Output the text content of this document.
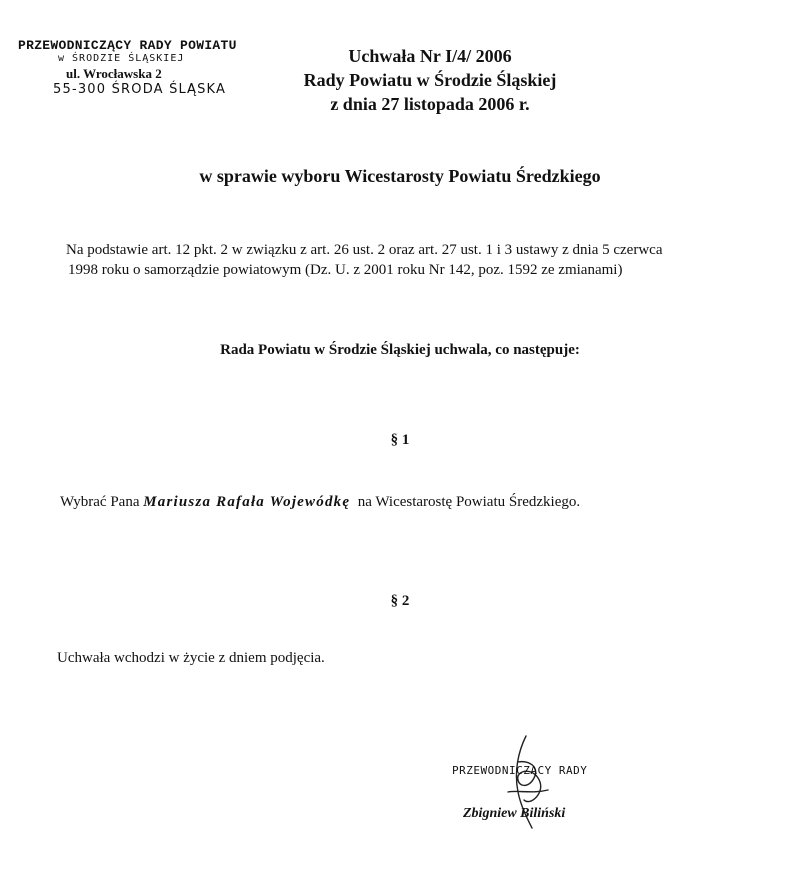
PRZEWODNICZĄCY RADY POWIATU
w ŚRODZIE ŚLĄSKIEJ
ul. Wrocławska 2
55-300 ŚRODA ŚLĄSKA
Uchwała Nr I/4/ 2006
Rady Powiatu w Środzie Śląskiej
z dnia 27 listopada 2006 r.
w sprawie wyboru Wicestarosty Powiatu Średzkiego
Na podstawie art. 12 pkt. 2 w związku z art. 26 ust. 2 oraz art. 27 ust. 1 i 3 ustawy z dnia 5 czerwca
1998 roku o samorządzie powiatowym (Dz. U. z 2001 roku Nr 142, poz. 1592 ze zmianami)
Rada Powiatu w Środzie Śląskiej uchwala, co następuje:
§ 1
Wybrać Pana Mariusza Rafała Wojewódkę  na Wicestarostę Powiatu Średzkiego.
§ 2
Uchwała wchodzi w życie z dniem podjęcia.
PRZEWODNICZĄCY RADY
Zbigniew Biliński
